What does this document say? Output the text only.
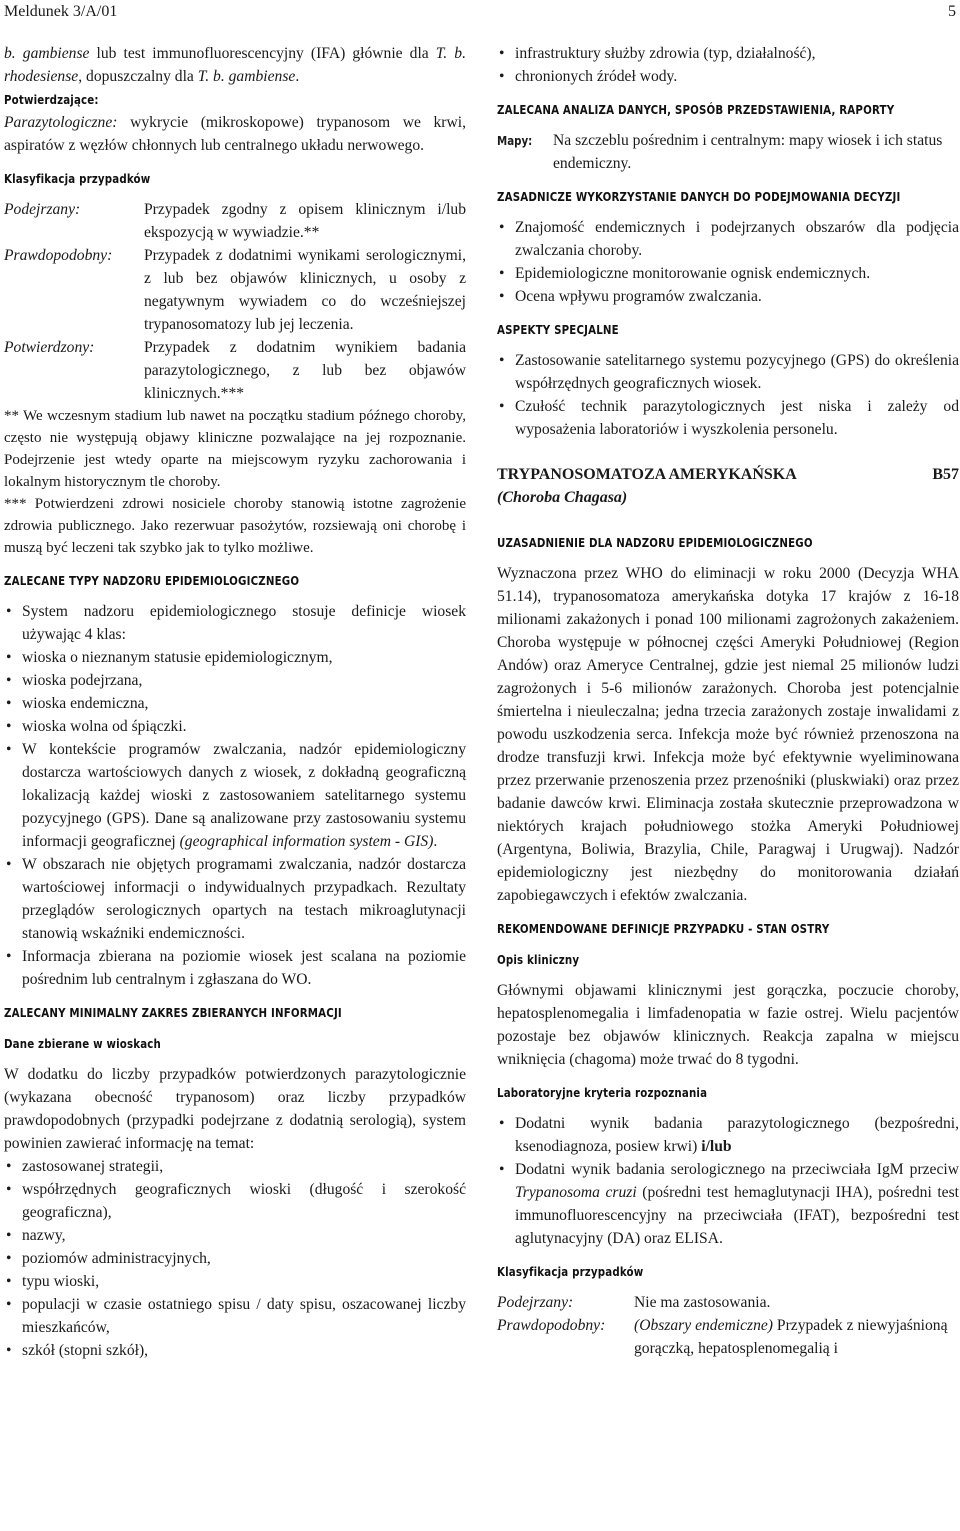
Meldunek 3/A/01	5

b. gambiense lub test immunofluorescencyjny (IFA) głównie dla T. b. rhodesiense, dopuszczalny dla T. b. gambiense.

Potwierdzające:

Parazytologiczne: wykrycie (mikroskopowe) trypanosom we krwi, aspiratów z węzłów chłonnych lub centralnego układu nerwowego.

Klasyfikacja przypadków
Podejrzany:	Przypadek zgodny z opisem klinicznym i/lub ekspozycją w wywiadzie.**
Prawdopodobny:	Przypadek z dodatnimi wynikami serologicznymi, z lub bez objawów klinicznych, u osoby z negatywnym wywiadem co do wcześniejszej trypanosomatozy lub jej leczenia.
Potwierdzony:	Przypadek z dodatnim wynikiem badania parazytologicznego, z lub bez objawów klinicznych.***

** We wczesnym stadium lub nawet na początku stadium późnego choroby, często nie występują objawy kliniczne pozwalające na jej rozpoznanie. Podejrzenie jest wtedy oparte na miejscowym ryzyku zachorowania i lokalnym historycznym tle choroby.

*** Potwierdzeni zdrowi nosiciele choroby stanowią istotne zagrożenie zdrowia publicznego. Jako rezerwuar pasożytów, rozsiewają oni chorobę i muszą być leczeni tak szybko jak to tylko możliwe.

ZALECANE TYPY NADZORU EPIDEMIOLOGICZNEGO
• System nadzoru epidemiologicznego stosuje definicje wiosek używając 4 klas:
• wioska o nieznanym statusie epidemiologicznym,
• wioska podejrzana,
• wioska endemiczna,
• wioska wolna od śpiączki.
• W kontekście programów zwalczania, nadzór epidemiologiczny dostarcza wartościowych danych z wiosek, z dokładną geograficzną lokalizacją każdej wioski z zastosowaniem satelitarnego systemu pozycyjnego (GPS). Dane są analizowane przy zastosowaniu systemu informacji geograficznej (geographical information system - GIS).
• W obszarach nie objętych programami zwalczania, nadzór dostarcza wartościowej informacji o indywidualnych przypadkach. Rezultaty przeglądów serologicznych opartych na testach mikroaglutynacji stanowią wskaźniki endemiczności.
• Informacja zbierana na poziomie wiosek jest scalana na poziomie pośrednim lub centralnym i zgłaszana do WO.
ZALECANY MINIMALNY ZAKRES ZBIERANYCH INFORMACJI
Dane zbierane w wioskach

W dodatku do liczby przypadków potwierdzonych parazytologicznie (wykazana obecność trypanosom) oraz liczby przypadków prawdopodobnych (przypadki podejrzane z dodatnią serologią), system powinien zawierać informację na temat:

• zastosowanej strategii,
• współrzędnych geograficznych wioski (długość i szerokość geograficzna),
• nazwy,
• poziomów administracyjnych,
• typu wioski,
• populacji w czasie ostatniego spisu / daty spisu, oszacowanej liczby mieszkańców,
• szkół (stopni szkół),
• infrastruktury służby zdrowia (typ, działalność),
• chronionych źródeł wody.
ZALECANA ANALIZA DANYCH, SPOSÓB PRZEDSTAWIENIA, RAPORTY
Mapy:	Na szczeblu pośrednim i centralnym: mapy wiosek i ich status endemiczny.
ZASADNICZE WYKORZYSTANIE DANYCH DO PODEJMOWANIA DECYZJI
• Znajomość endemicznych i podejrzanych obszarów dla podjęcia zwalczania choroby.
• Epidemiologiczne monitorowanie ognisk endemicznych.
• Ocena wpływu programów zwalczania.
ASPEKTY SPECJALNE
• Zastosowanie satelitarnego systemu pozycyjnego (GPS) do określenia współrzędnych geograficznych wiosek.
• Czułość technik parazytologicznych jest niska i zależy od wyposażenia laboratoriów i wyszkolenia personelu.
TRYPANOSOMATOZA AMERYKAŃSKA	B57
(Choroba Chagasa)
UZASADNIENIE DLA NADZORU EPIDEMIOLOGICZNEGO

Wyznaczona przez WHO do eliminacji w roku 2000 (Decyzja WHA 51.14), trypanosomatoza amerykańska dotyka 17 krajów z 16-18 milionami zakażonych i ponad 100 milionami zagrożonych zakażeniem. Choroba występuje w północnej części Ameryki Południowej (Region Andów) oraz Ameryce Centralnej, gdzie jest niemal 25 milionów ludzi zagrożonych i 5-6 milionów zarażonych. Choroba jest potencjalnie śmiertelna i nieuleczalna; jedna trzecia zarażonych zostaje inwalidami z powodu uszkodzenia serca. Infekcja może być również przenoszona na drodze transfuzji krwi. Infekcja może być efektywnie wyeliminowana przez przerwanie przenoszenia przez przenośniki (pluskwiaki) oraz przez badanie dawców krwi. Eliminacja została skutecznie przeprowadzona w niektórych krajach południowego stożka Ameryki Południowej (Argentyna, Boliwia, Brazylia, Chile, Paragwaj i Urugwaj). Nadzór epidemiologiczny jest niezbędny do monitorowania działań zapobiegawczych i efektów zwalczania.

REKOMENDOWANE DEFINICJE PRZYPADKU - STAN OSTRY
Opis kliniczny

Głównymi objawami klinicznymi jest gorączka, poczucie choroby, hepatosplenomegalia i limfadenopatia w fazie ostrej. Wielu pacjentów pozostaje bez objawów klinicznych. Reakcja zapalna w miejscu wniknięcia (chagoma) może trwać do 8 tygodni.

Laboratoryjne kryteria rozpoznania
• Dodatni wynik badania parazytologicznego (bezpośredni, ksenodiagnoza, posiew krwi) i/lub
• Dodatni wynik badania serologicznego na przeciwciała IgM przeciw Trypanosoma cruzi (pośredni test hemaglutynacji IHA), pośredni test immunofluorescencyjny na przeciwciała (IFAT), bezpośredni test aglutynacyjny (DA) oraz ELISA.
Klasyfikacja przypadków
Podejrzany:	Nie ma zastosowania.
Prawdopodobny:	(Obszary endemiczne) Przypadek z niewyjaśnioną gorączką, hepatosplenomegalią i
